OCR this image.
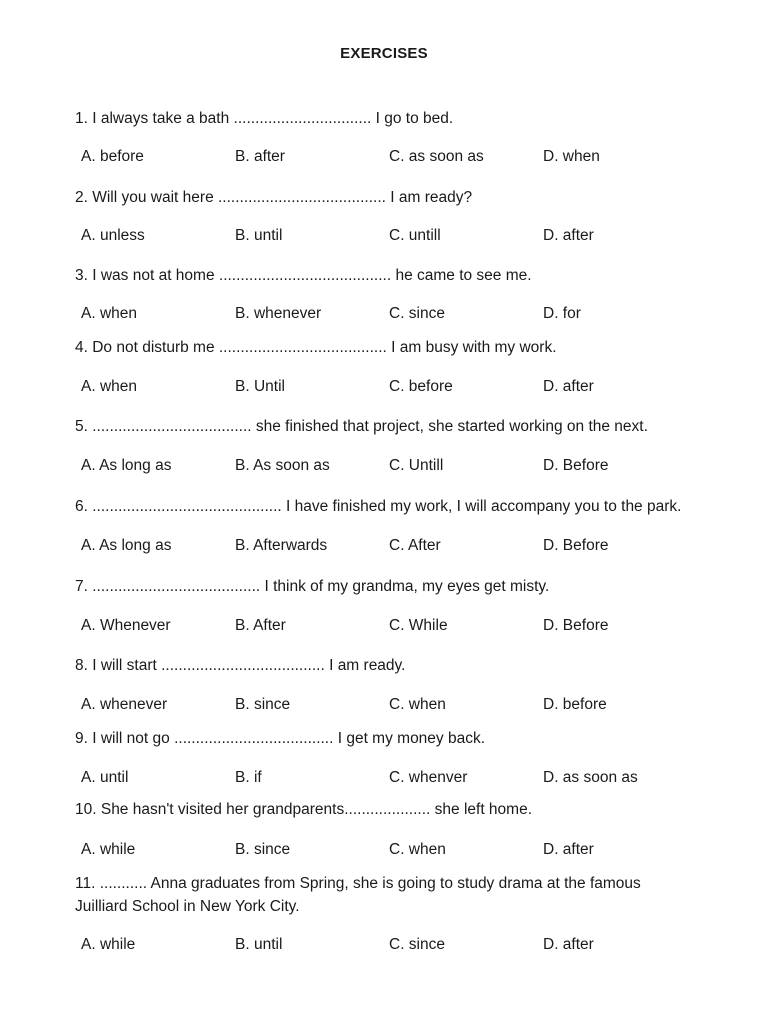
EXERCISES
1. I always take a bath ................................ I go to bed.
A. before	B. after	C. as soon as	D. when
2. Will you wait here ....................................... I am ready?
A. unless	B. until	C. untill	D. after
3. I was not at home ........................................ he came to see me.
A. when	B. whenever	C. since	D. for
4. Do not disturb me ....................................... I am busy with my work.
A. when	B. Until	C. before	D. after
5. ..................................... she finished that project, she started working on the next.
A. As long as	B. As soon as	C. Untill	D. Before
6. ............................................ I have finished my work, I will accompany you to the park.
A. As long as	B. Afterwards	C. After	D. Before
7. ....................................... I think of my grandma, my eyes get misty.
A. Whenever	B. After	C. While	D. Before
8. I will start ...................................... I am ready.
A. whenever	B. since	C. when	D. before
9. I will not go ..................................... I get my money back.
A. until	B. if	C. whenver	D. as soon as
10. She hasn't visited her grandparents.................... she left home.
A. while	B. since	C. when	D. after
11. ........... Anna graduates from Spring, she is going to study drama at the famous Juilliard School in New York City.
A. while	B. until	C. since	D. after
